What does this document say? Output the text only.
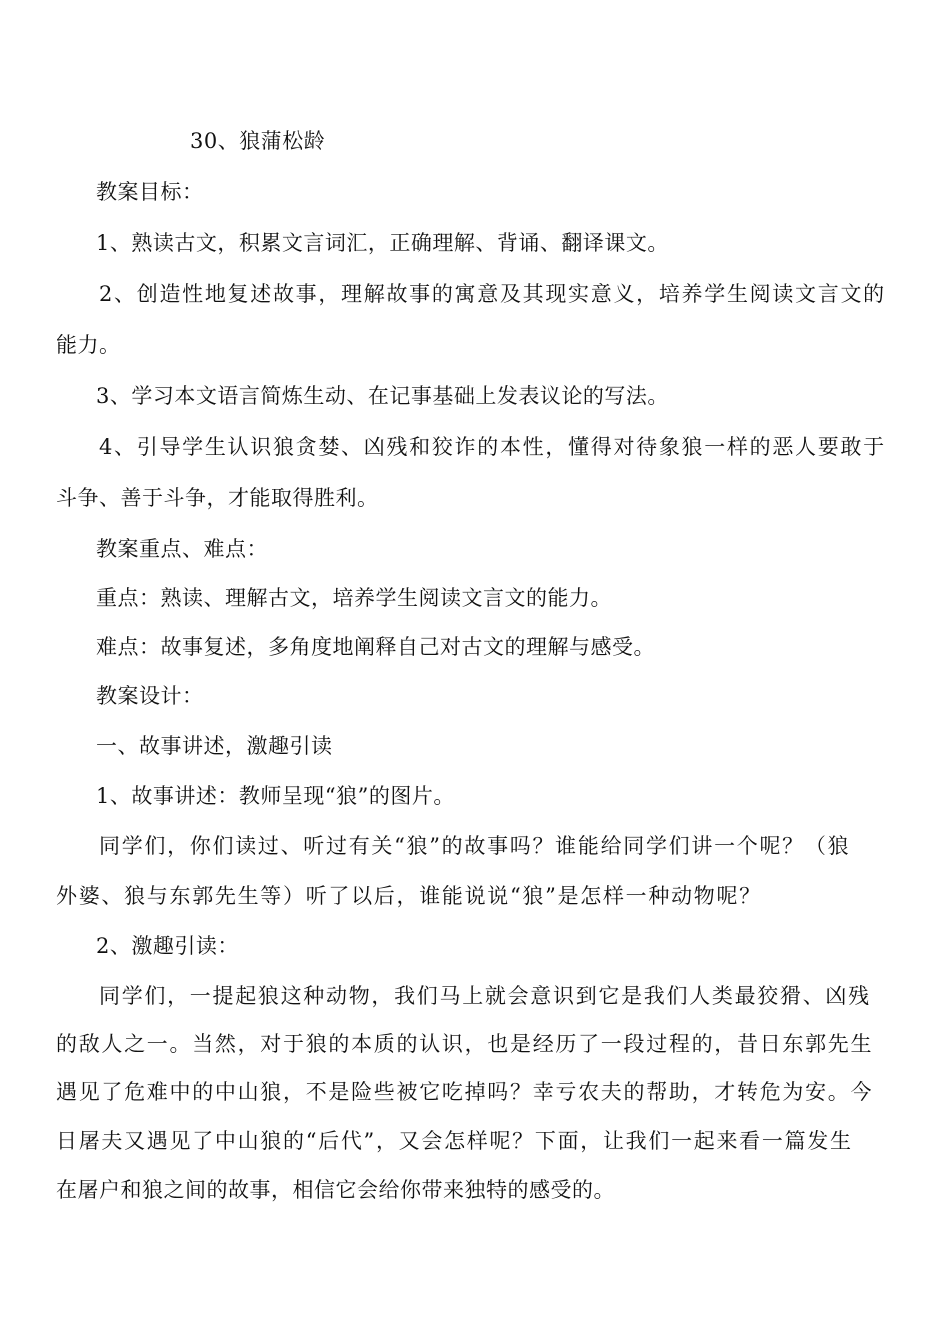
30、狼蒲松龄
教案目标：
1、熟读古文，积累文言词汇，正确理解、背诵、翻译课文。
2、创造性地复述故事，理解故事的寓意及其现实意义，培养学生阅读文言文的
能力。
3、学习本文语言简炼生动、在记事基础上发表议论的写法。
4、引导学生认识狼贪婪、凶残和狡诈的本性，懂得对待象狼一样的恶人要敢于
斗争、善于斗争，才能取得胜利。
教案重点、难点：
重点：熟读、理解古文，培养学生阅读文言文的能力。
难点：故事复述，多角度地阐释自己对古文的理解与感受。
教案设计：
一、故事讲述，激趣引读
1、故事讲述：教师呈现“狼”的图片。
同学们，你们读过、听过有关“狼”的故事吗？谁能给同学们讲一个呢？（狼
外婆、狼与东郭先生等）听了以后，谁能说说“狼”是怎样一种动物呢？
2、激趣引读：
同学们，一提起狼这种动物，我们马上就会意识到它是我们人类最狡猾、凶残
的敌人之一。当然，对于狼的本质的认识，也是经历了一段过程的，昔日东郭先生
遇见了危难中的中山狼，不是险些被它吃掉吗？幸亏农夫的帮助，才转危为安。今
日屠夫又遇见了中山狼的“后代”，又会怎样呢？下面，让我们一起来看一篇发生
在屠户和狼之间的故事，相信它会给你带来独特的感受的。
